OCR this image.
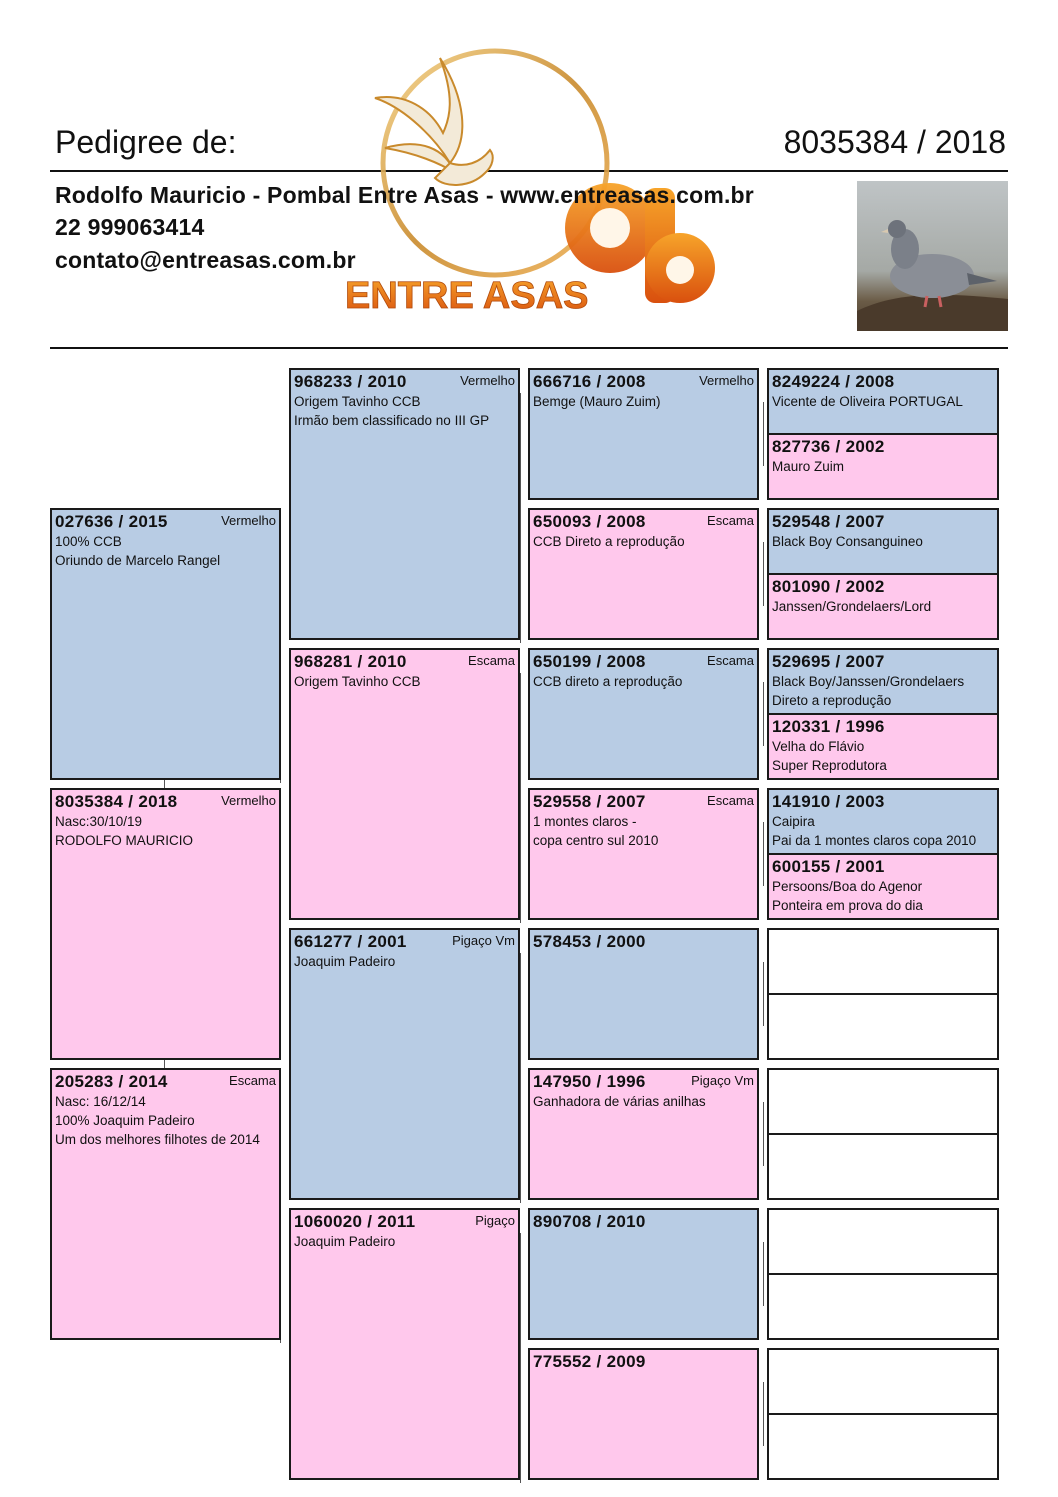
Pedigree de:	8035384 / 2018
ENTRE ASAS
Rodolfo Mauricio - Pombal Entre Asas - www.entreasas.com.br
22 999063414
contato@entreasas.com.br
027636 / 2015	Vermelho
100% CCB
Oriundo de Marcelo Rangel
8035384 / 2018	Vermelho
Nasc:30/10/19
RODOLFO MAURICIO
205283 / 2014	Escama
Nasc: 16/12/14
100% Joaquim Padeiro
Um dos melhores filhotes de 2014
968233 / 2010	Vermelho
Origem Tavinho CCB
Irmão bem classificado no III GP
968281 / 2010	Escama
Origem Tavinho CCB
661277 / 2001	Pigaço Vm
Joaquim Padeiro
1060020 / 2011	Pigaço
Joaquim Padeiro
666716 / 2008	Vermelho
Bemge (Mauro Zuim)
650093 / 2008	Escama
CCB Direto a reprodução
650199 / 2008	Escama
CCB direto a reprodução
529558 / 2007	Escama
1 montes claros -
copa centro sul 2010
578453 / 2000
147950 / 1996	Pigaço Vm
Ganhadora de várias anilhas
890708 / 2010
775552 / 2009
8249224 / 2008
Vicente de Oliveira PORTUGAL
827736 / 2002
Mauro Zuim
529548 / 2007
Black Boy Consanguineo
801090 / 2002
Janssen/Grondelaers/Lord
529695 / 2007
Black Boy/Janssen/Grondelaers
Direto a reprodução
120331 / 1996
Velha do Flávio
Super Reprodutora
141910 / 2003
Caipira
Pai da 1 montes claros copa 2010
600155 / 2001
Persoons/Boa do Agenor
Ponteira em prova do dia
